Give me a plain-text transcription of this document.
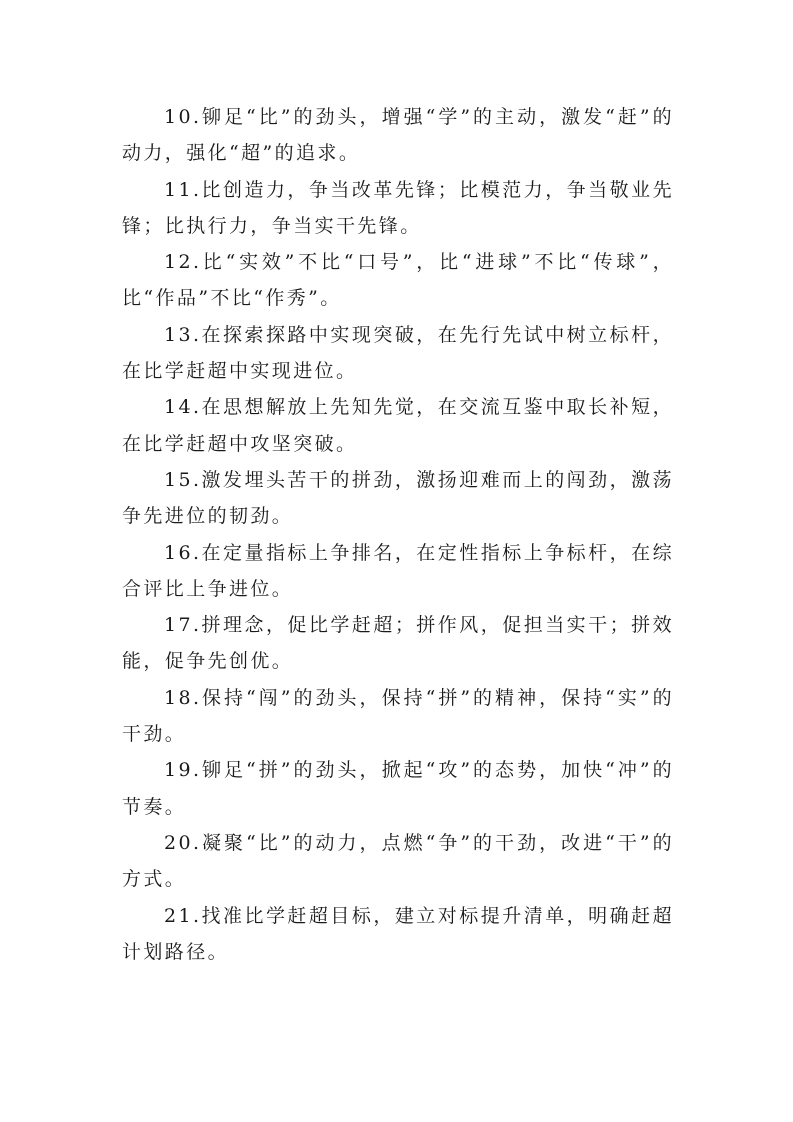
10.铆足“比”的劲头，增强“学”的主动，激发“赶”的动力，强化“超”的追求。

11.比创造力，争当改革先锋；比模范力，争当敬业先锋；比执行力，争当实干先锋。

12.比“实效”不比“口号”，比“进球”不比“传球”，比“作品”不比“作秀”。

13.在探索探路中实现突破，在先行先试中树立标杆，在比学赶超中实现进位。

14.在思想解放上先知先觉，在交流互鉴中取长补短，在比学赶超中攻坚突破。

15.激发埋头苦干的拼劲，激扬迎难而上的闯劲，激荡争先进位的韧劲。

16.在定量指标上争排名，在定性指标上争标杆，在综合评比上争进位。

17.拼理念，促比学赶超；拼作风，促担当实干；拼效能，促争先创优。

18.保持“闯”的劲头，保持“拼”的精神，保持“实”的干劲。

19.铆足“拼”的劲头，掀起“攻”的态势，加快“冲”的节奏。

20.凝聚“比”的动力，点燃“争”的干劲，改进“干”的方式。

21.找准比学赶超目标，建立对标提升清单，明确赶超计划路径。
